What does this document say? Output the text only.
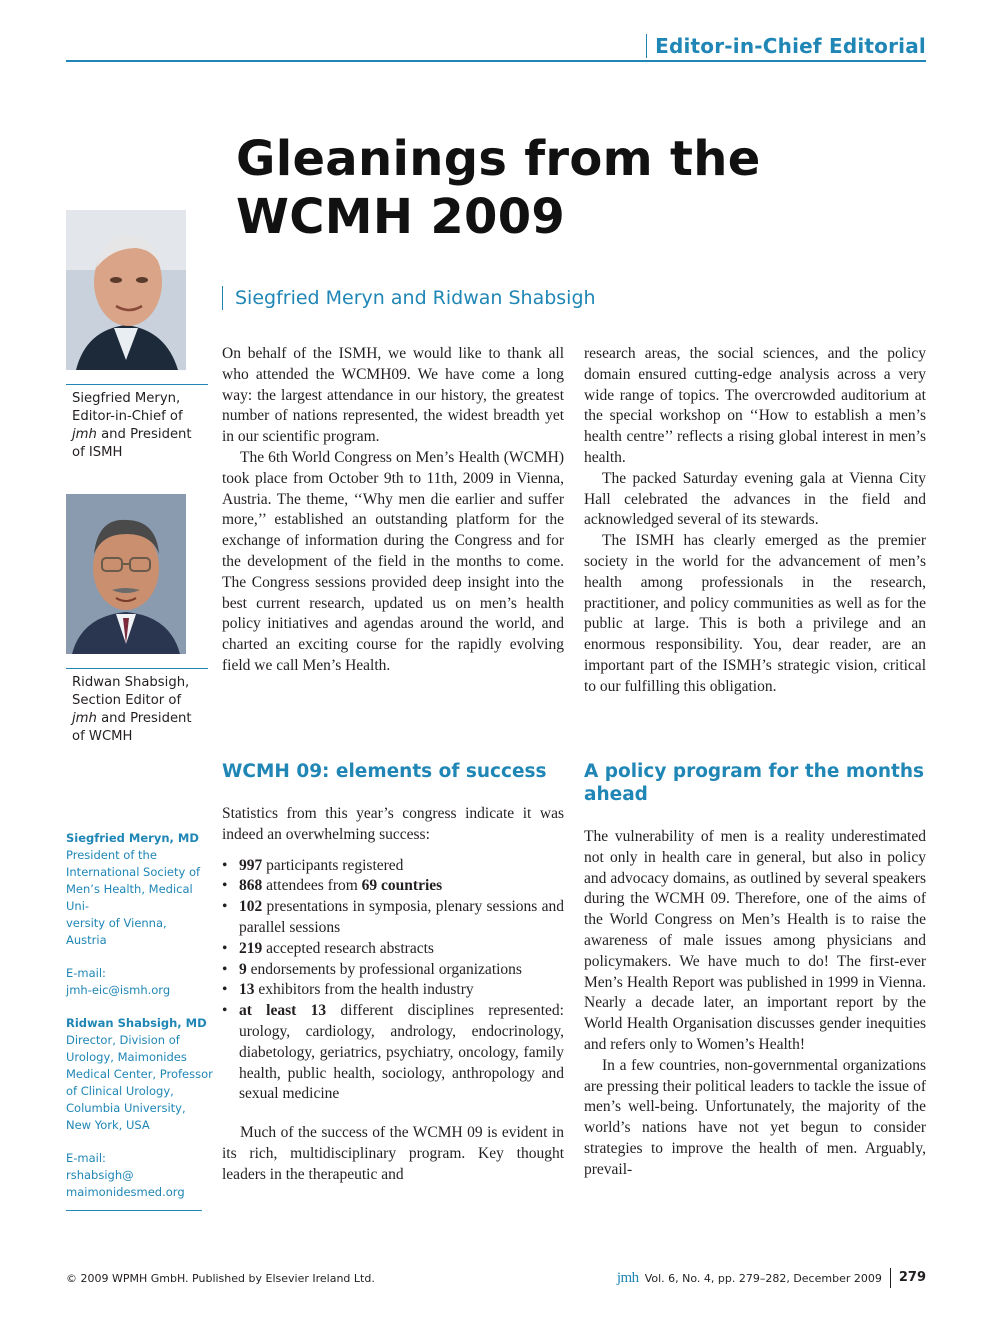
Editor-in-Chief Editorial
Gleanings from the WCMH 2009
Siegfried Meryn and Ridwan Shabsigh
Siegfried Meryn,
Editor-in-Chief of
jmh and President
of ISMH
Ridwan Shabsigh,
Section Editor of
jmh and President
of WCMH
Siegfried Meryn, MD
President of the
International Society of
Men’s Health, Medical Uni-
versity of Vienna,
Austria
E-mail:
jmh-eic@ismh.org
Ridwan Shabsigh, MD
Director, Division of
Urology, Maimonides
Medical Center, Professor
of Clinical Urology,
Columbia University,
New York, USA
E-mail:
rshabsigh@
maimonidesmed.org

On behalf of the ISMH, we would like to thank all who attended the WCMH09. We have come a long way: the largest attendance in our history, the greatest number of nations represented, the widest breadth yet in our scientific program.

The 6th World Congress on Men’s Health (WCMH) took place from October 9th to 11th, 2009 in Vienna, Austria. The theme, ‘‘Why men die earlier and suffer more,’’ established an outstanding platform for the exchange of information during the Congress and for the development of the field in the months to come. The Congress sessions provided deep insight into the best current research, updated us on men’s health policy initiatives and agendas around the world, and charted an exciting course for the rapidly evolving field we call Men’s Health.

research areas, the social sciences, and the policy domain ensured cutting-edge analysis across a very wide range of topics. The overcrowded auditorium at the special workshop on ‘‘How to establish a men’s health centre’’ reflects a rising global interest in men’s health.

The packed Saturday evening gala at Vienna City Hall celebrated the advances in the field and acknowledged several of its stewards.

The ISMH has clearly emerged as the premier society in the world for the advancement of men’s health among professionals in the research, practitioner, and policy communities as well as for the public at large. This is both a privilege and an enormous responsibility. You, dear reader, are an important part of the ISMH’s strategic vision, critical to our fulfilling this obligation.

WCMH 09: elements of success	A policy program for the months ahead

Statistics from this year’s congress indicate it was indeed an overwhelming success:

• 997 participants registered
• 868 attendees from 69 countries
• 102 presentations in symposia, plenary sessions and parallel sessions
• 219 accepted research abstracts
• 9 endorsements by professional organizations
• 13 exhibitors from the health industry
• at least 13 different disciplines represented: urology, cardiology, andrology, endocrinology, diabetology, geriatrics, psychiatry, oncology, family health, public health, sociology, anthropology and sexual medicine

Much of the success of the WCMH 09 is evident in its rich, multidisciplinary program. Key thought leaders in the therapeutic and

The vulnerability of men is a reality underestimated not only in health care in general, but also in policy and advocacy domains, as outlined by several speakers during the WCMH 09. Therefore, one of the aims of the World Congress on Men’s Health is to raise the awareness of male issues among physicians and policymakers. We have much to do! The first-ever Men’s Health Report was published in 1999 in Vienna. Nearly a decade later, an important report by the World Health Organisation discusses gender inequities and refers only to Women’s Health!

In a few countries, non-governmental organizations are pressing their political leaders to tackle the issue of men’s well-being. Unfortunately, the majority of the world’s nations have not yet begun to consider strategies to improve the health of men. Arguably, prevail-

© 2009 WPMH GmbH. Published by Elsevier Ireland Ltd.	jmh Vol. 6, No. 4, pp. 279–282, December 2009	279
